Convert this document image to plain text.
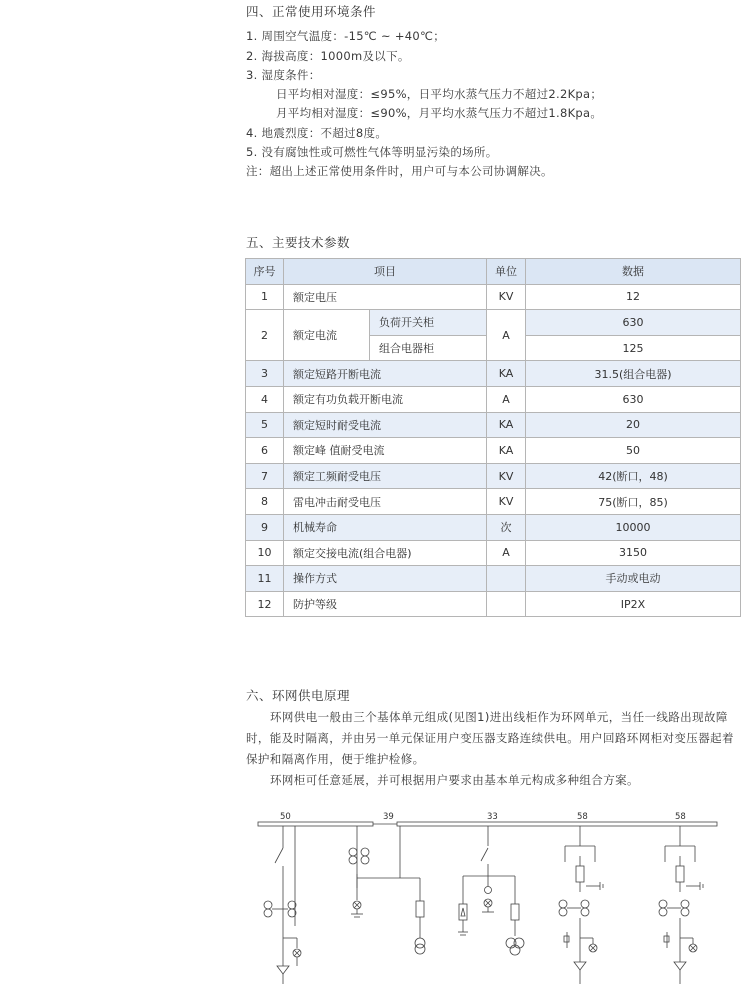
四、正常使用环境条件
1. 周围空气温度：-15℃ ~ +40℃；
2. 海拔高度：1000m及以下。
3. 湿度条件：
日平均相对湿度：≤95%，日平均水蒸气压力不超过2.2Kpa；
月平均相对湿度：≤90%，月平均水蒸气压力不超过1.8Kpa。
4. 地震烈度：不超过8度。
5. 没有腐蚀性或可燃性气体等明显污染的场所。
注：超出上述正常使用条件时，用户可与本公司协调解决。
五、主要技术参数
序号	项目		单位	数据
1	额定电压		KV	12
2	额定电流	负荷开关柜	A	630
		组合电器柜		125
3	额定短路开断电流		KA	31.5(组合电器)
4	额定有功负载开断电流		A	630
5	额定短时耐受电流		KA	20
6	额定峰 值耐受电流		KA	50
7	额定工频耐受电压		KV	42(断口，48)
8	雷电冲击耐受电压		KV	75(断口，85)
9	机械寿命		次	10000
10	额定交接电流(组合电器)		A	3150
11	操作方式			手动或电动
12	防护等级			IP2X
六、环网供电原理
环网供电一般由三个基体单元组成(见图1)进出线柜作为环网单元，当任一线路出现故障时，能及时隔离，并由另一单元保证用户变压器支路连续供电。用户回路环网柜对变压器起着保护和隔离作用，便于维护检修。
环网柜可任意延展，并可根据用户要求由基本单元构成多种组合方案。
50	39	33	58	58
